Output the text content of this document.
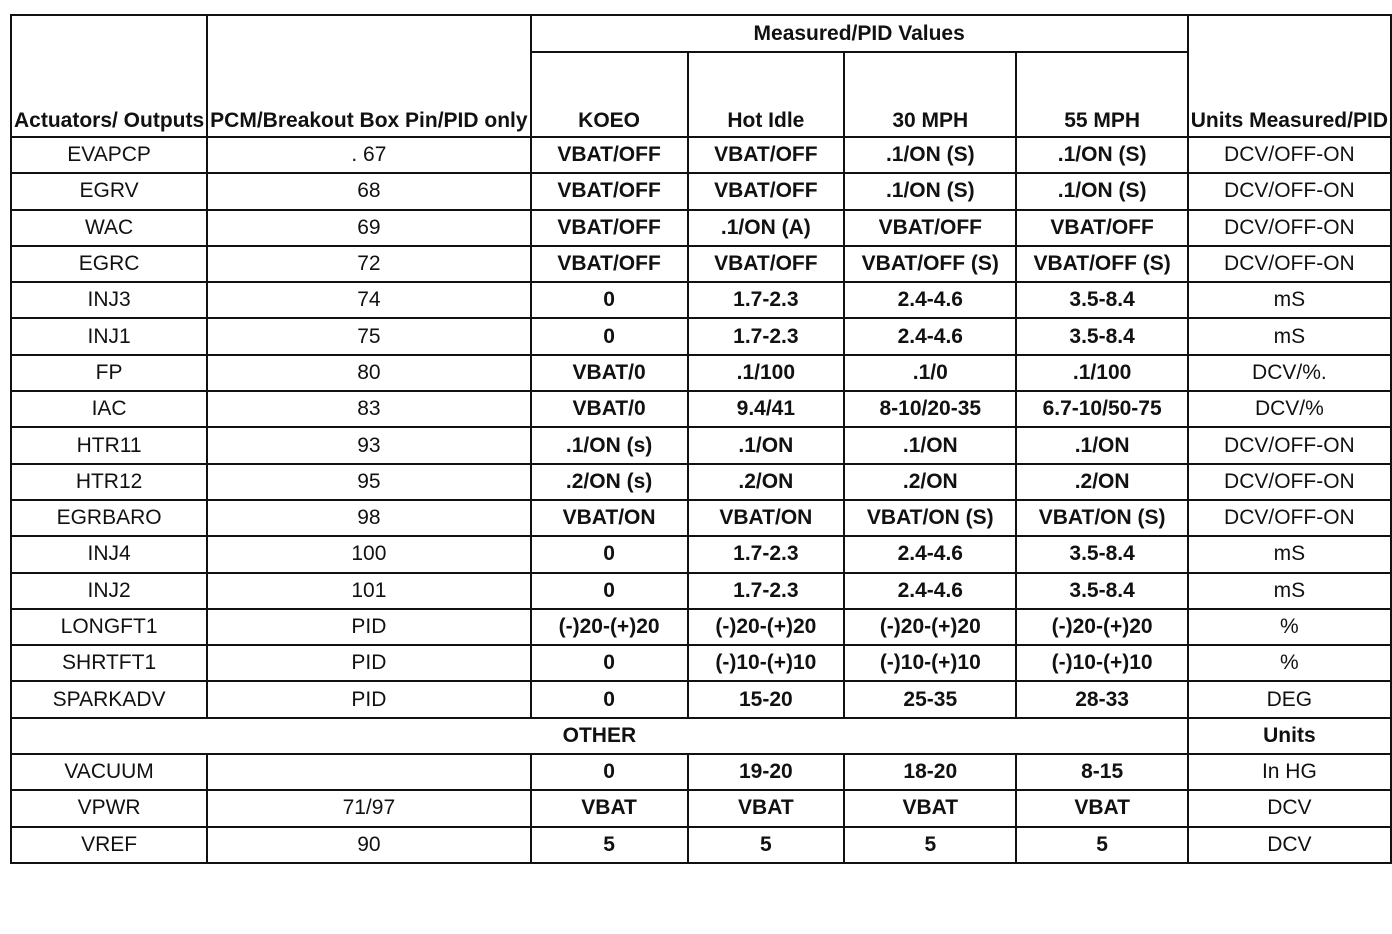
Actuators/ Outputs	PCM/Breakout Box Pin/PID only	Measured/PID Values				Units Measured/PID
		KOEO	Hot Idle	30 MPH	55 MPH	
EVAPCP	. 67	VBAT/OFF	VBAT/OFF	.1/ON (S)	.1/ON (S)	DCV/OFF-ON
EGRV	68	VBAT/OFF	VBAT/OFF	.1/ON (S)	.1/ON (S)	DCV/OFF-ON
WAC	69	VBAT/OFF	.1/ON (A)	VBAT/OFF	VBAT/OFF	DCV/OFF-ON
EGRC	72	VBAT/OFF	VBAT/OFF	VBAT/OFF (S)	VBAT/OFF (S)	DCV/OFF-ON
INJ3	74	0	1.7-2.3	2.4-4.6	3.5-8.4	mS
INJ1	75	0	1.7-2.3	2.4-4.6	3.5-8.4	mS
FP	80	VBAT/0	.1/100	.1/0	.1/100	DCV/%.
IAC	83	VBAT/0	9.4/41	8-10/20-35	6.7-10/50-75	DCV/%
HTR11	93	.1/ON (s)	.1/ON	.1/ON	.1/ON	DCV/OFF-ON
HTR12	95	.2/ON (s)	.2/ON	.2/ON	.2/ON	DCV/OFF-ON
EGRBARO	98	VBAT/ON	VBAT/ON	VBAT/ON (S)	VBAT/ON (S)	DCV/OFF-ON
INJ4	100	0	1.7-2.3	2.4-4.6	3.5-8.4	mS
INJ2	101	0	1.7-2.3	2.4-4.6	3.5-8.4	mS
LONGFT1	PID	(-)20-(+)20	(-)20-(+)20	(-)20-(+)20	(-)20-(+)20	%
SHRTFT1	PID	0	(-)10-(+)10	(-)10-(+)10	(-)10-(+)10	%
SPARKADV	PID	0	15-20	25-35	28-33	DEG
OTHER						Units
VACUUM		0	19-20	18-20	8-15	In HG
VPWR	71/97	VBAT	VBAT	VBAT	VBAT	DCV
VREF	90	5	5	5	5	DCV
